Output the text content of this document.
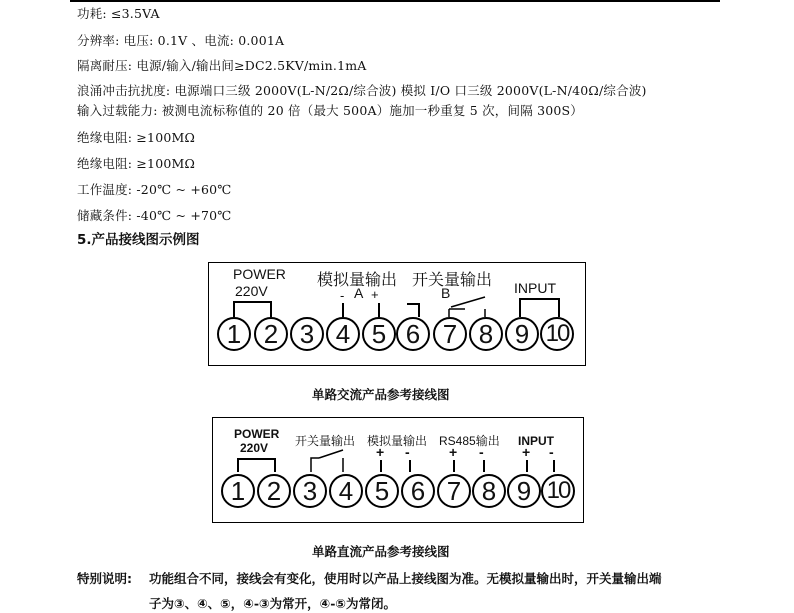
功耗: ≤3.5VA
分辨率: 电压: 0.1V 、电流: 0.001A
隔离耐压: 电源/输入/输出间≥DC2.5KV/min.1mA
浪涌冲击抗扰度: 电源端口三级 2000V(L-N/2Ω/综合波) 模拟 I/O 口三级 2000V(L-N/40Ω/综合波)
输入过载能力: 被测电流标称值的 20 倍（最大 500A）施加一秒重复 5 次，间隔 300S）
绝缘电阻: ≥100MΩ
绝缘电阻: ≥100MΩ
工作温度: -20℃ ~ +60℃
储藏条件: -40℃ ~ +70℃
5.产品接线图示例图
POWER
220V
模拟量输出
- A +
开关量输出
B	INPUT
1 2 3 4 5 6 7 8 9 10
单路交流产品参考接线图
POWER
220V 开关量输出 模拟量输出
+ -
RS485输出
+ -
INPUT
+ -
1 2 3 4 5 6 7 8 9 10
单路直流产品参考接线图
特别说明: 功能组合不同，接线会有变化，使用时以产品上接线图为准。无模拟量输出时，开关量输出端
子为③、④、⑤，④-③为常开，④-⑤为常闭。
